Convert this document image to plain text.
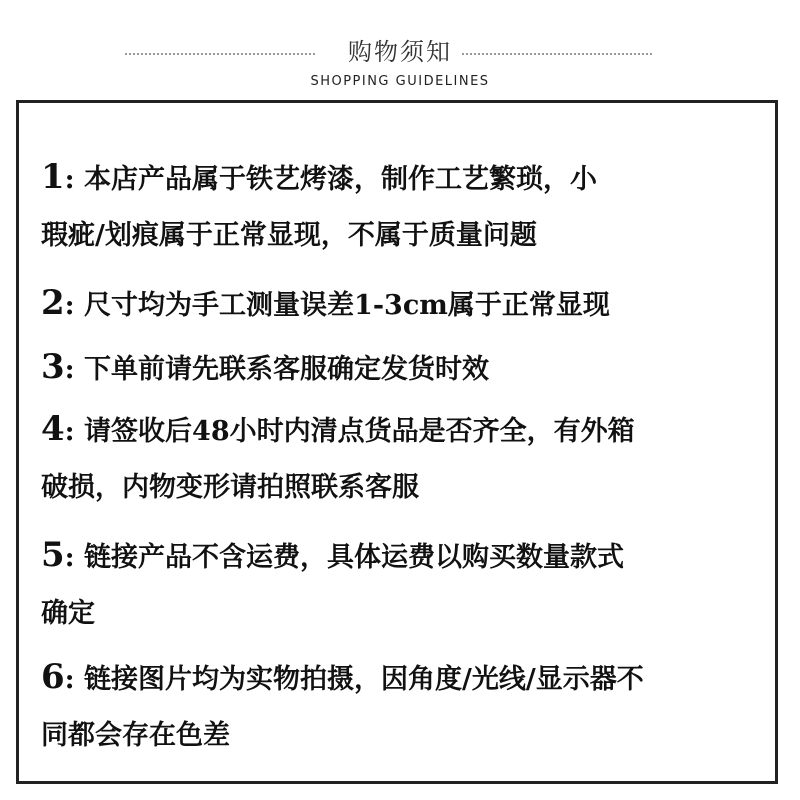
购物须知
SHOPPING GUIDELINES
1: 本店产品属于铁艺烤漆，制作工艺繁琐，小
瑕疵/划痕属于正常显现，不属于质量问题
2: 尺寸均为手工测量误差1-3cm属于正常显现
3: 下单前请先联系客服确定发货时效
4: 请签收后48小时内清点货品是否齐全，有外箱
破损，内物变形请拍照联系客服
5: 链接产品不含运费，具体运费以购买数量款式
确定
6: 链接图片均为实物拍摄，因角度/光线/显示器不
同都会存在色差
